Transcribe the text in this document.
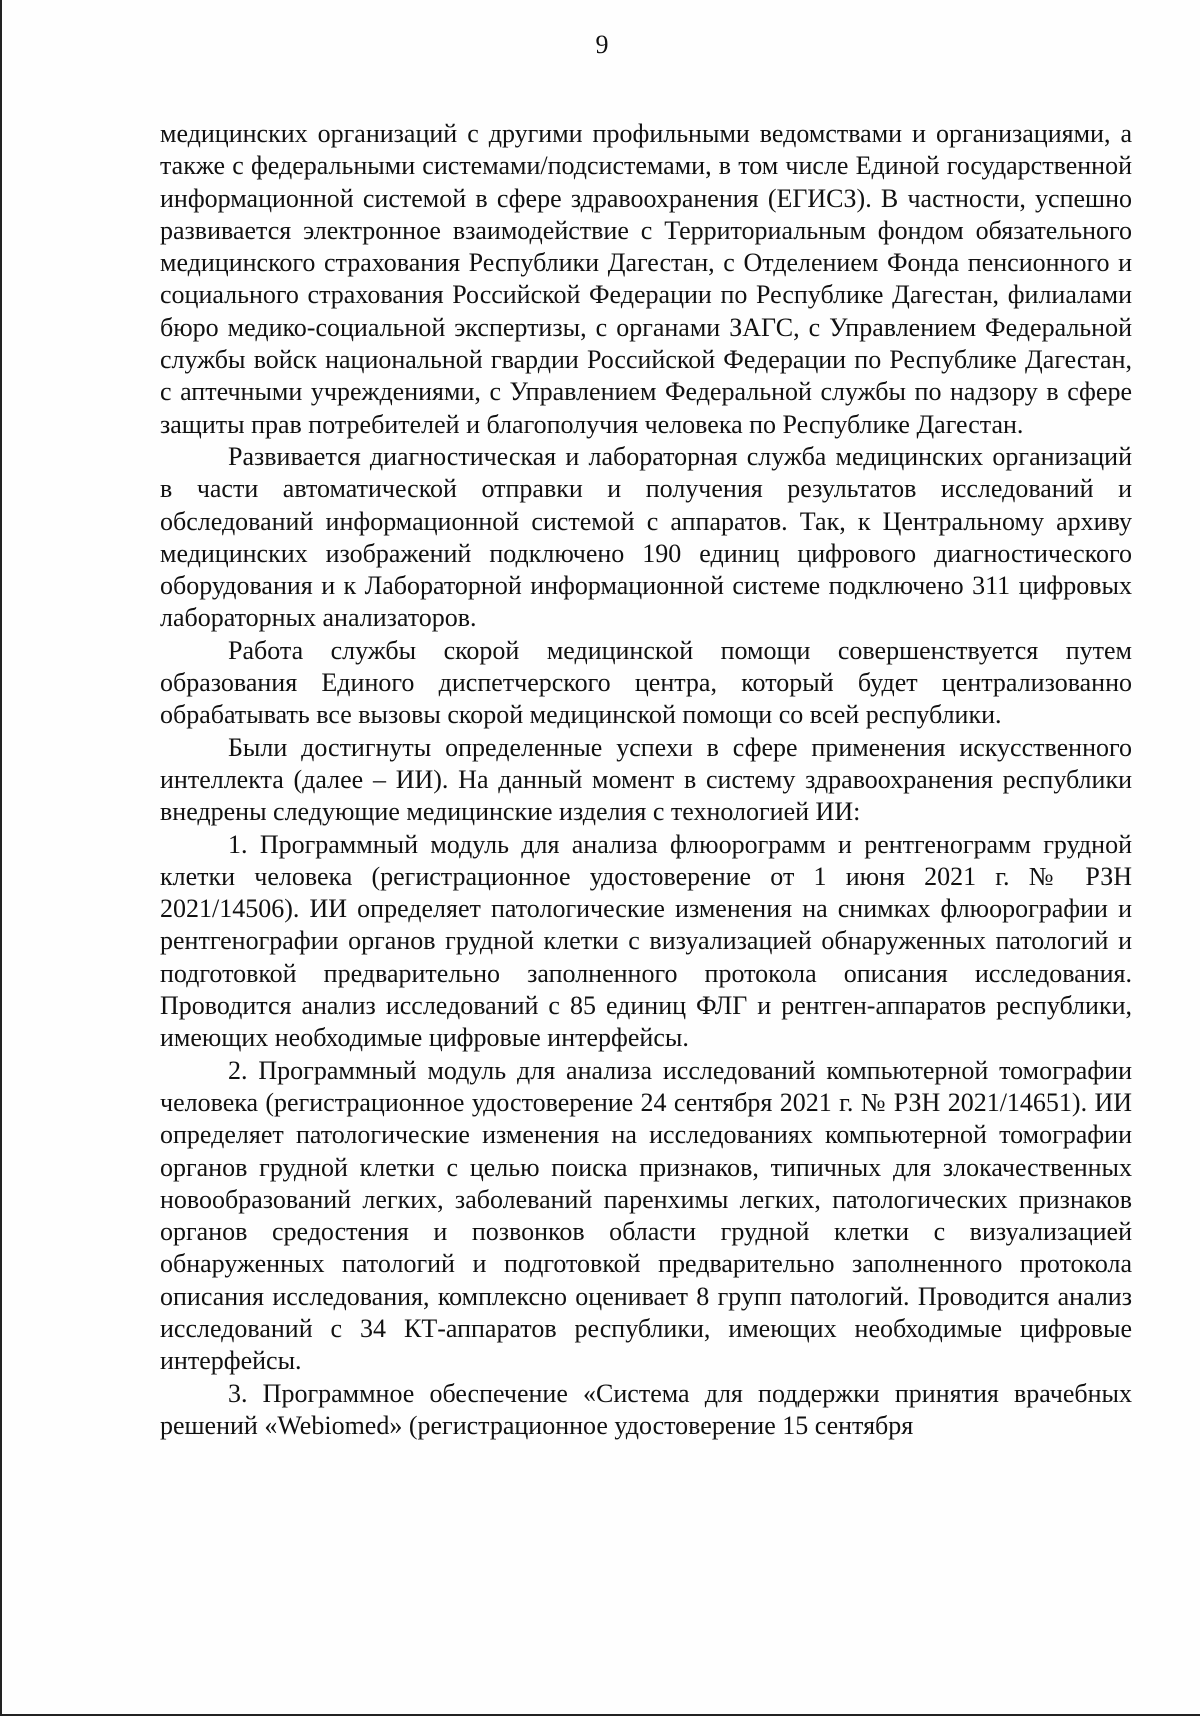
9

медицинских организаций с другими профильными ведомствами и организациями, а также с федеральными системами/подсистемами, в том числе Единой государственной информационной системой в сфере здравоохранения (ЕГИСЗ). В частности, успешно развивается электронное взаимодействие с Территориальным фондом обязательного медицинского страхования Республики Дагестан, с Отделением Фонда пенсионного и социального страхования Российской Федерации по Республике Дагестан, филиалами бюро медико-социальной экспертизы, с органами ЗАГС, с Управлением Федеральной службы войск национальной гвардии Российской Федерации по Республике Дагестан, с аптечными учреждениями, с Управлением Федеральной службы по надзору в сфере защиты прав потребителей и благополучия человека по Республике Дагестан.

Развивается диагностическая и лабораторная служба медицинских организаций в части автоматической отправки и получения результатов исследований и обследований информационной системой с аппаратов. Так, к Центральному архиву медицинских изображений подключено 190 единиц цифрового диагностического оборудования и к Лабораторной информационной системе подключено 311 цифровых лабораторных анализаторов.

Работа службы скорой медицинской помощи совершенствуется путем образования Единого диспетчерского центра, который будет централизованно обрабатывать все вызовы скорой медицинской помощи со всей республики.

Были достигнуты определенные успехи в сфере применения искусственного интеллекта (далее – ИИ). На данный момент в систему здравоохранения республики внедрены следующие медицинские изделия с технологией ИИ:

1. Программный модуль для анализа флюорограмм и рентгенограмм грудной клетки человека (регистрационное удостоверение от 1 июня 2021 г. № РЗН 2021/14506). ИИ определяет патологические изменения на снимках флюорографии и рентгенографии органов грудной клетки с визуализацией обнаруженных патологий и подготовкой предварительно заполненного протокола описания исследования. Проводится анализ исследований с 85 единиц ФЛГ и рентген-аппаратов республики, имеющих необходимые цифровые интерфейсы.

2. Программный модуль для анализа исследований компьютерной томографии человека (регистрационное удостоверение 24 сентября 2021 г. № РЗН 2021/14651). ИИ определяет патологические изменения на исследованиях компьютерной томографии органов грудной клетки с целью поиска признаков, типичных для злокачественных новообразований легких, заболеваний паренхимы легких, патологических признаков органов средостения и позвонков области грудной клетки с визуализацией обнаруженных патологий и подготовкой предварительно заполненного протокола описания исследования, комплексно оценивает 8 групп патологий. Проводится анализ исследований с 34 КТ-аппаратов республики, имеющих необходимые цифровые интерфейсы.

3. Программное обеспечение «Система для поддержки принятия врачебных решений «Webiomed» (регистрационное удостоверение 15 сентября
